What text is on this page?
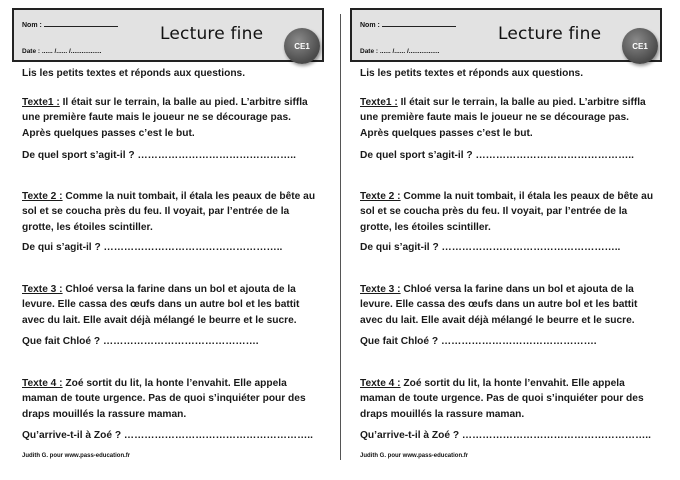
Nom :
Date : ...... /...... /.................
Lecture fine
CE1
Lis les petits textes et réponds aux questions.
Texte1 : Il était sur le terrain, la balle au pied. L’arbitre siffla une première faute mais le joueur ne se décourage pas. Après quelques passes c’est le but.
De quel sport s’agit-il ? ………………………………………..
Texte 2 : Comme la nuit tombait, il étala les peaux de bête au sol et se coucha près du feu. Il voyait, par l’entrée de la grotte, les étoiles scintiller.
De qui s’agit-il ? ……………………………………………..
Texte 3 : Chloé versa la farine dans un bol et ajouta de la levure. Elle cassa des œufs dans un autre bol et les battit avec du lait. Elle avait déjà mélangé le beurre et le sucre.
Que fait Chloé ? ……………………………………….
Texte 4 : Zoé sortit du lit, la honte l’envahit. Elle appela maman de toute urgence. Pas de quoi s’inquiéter pour des draps mouillés la rassure maman.
Qu’arrive-t-il à Zoé ? ………………………………………………..
Judith G. pour www.pass-education.fr
Nom :
Date : ...... /...... /.................
Lecture fine
CE1
Lis les petits textes et réponds aux questions.
Texte1 : Il était sur le terrain, la balle au pied. L’arbitre siffla une première faute mais le joueur ne se décourage pas. Après quelques passes c’est le but.
De quel sport s’agit-il ? ………………………………………..
Texte 2 : Comme la nuit tombait, il étala les peaux de bête au sol et se coucha près du feu. Il voyait, par l’entrée de la grotte, les étoiles scintiller.
De qui s’agit-il ? ……………………………………………..
Texte 3 : Chloé versa la farine dans un bol et ajouta de la levure. Elle cassa des œufs dans un autre bol et les battit avec du lait. Elle avait déjà mélangé le beurre et le sucre.
Que fait Chloé ? ……………………………………….
Texte 4 : Zoé sortit du lit, la honte l’envahit. Elle appela maman de toute urgence. Pas de quoi s’inquiéter pour des draps mouillés la rassure maman.
Qu’arrive-t-il à Zoé ? ………………………………………………..
Judith G. pour www.pass-education.fr
